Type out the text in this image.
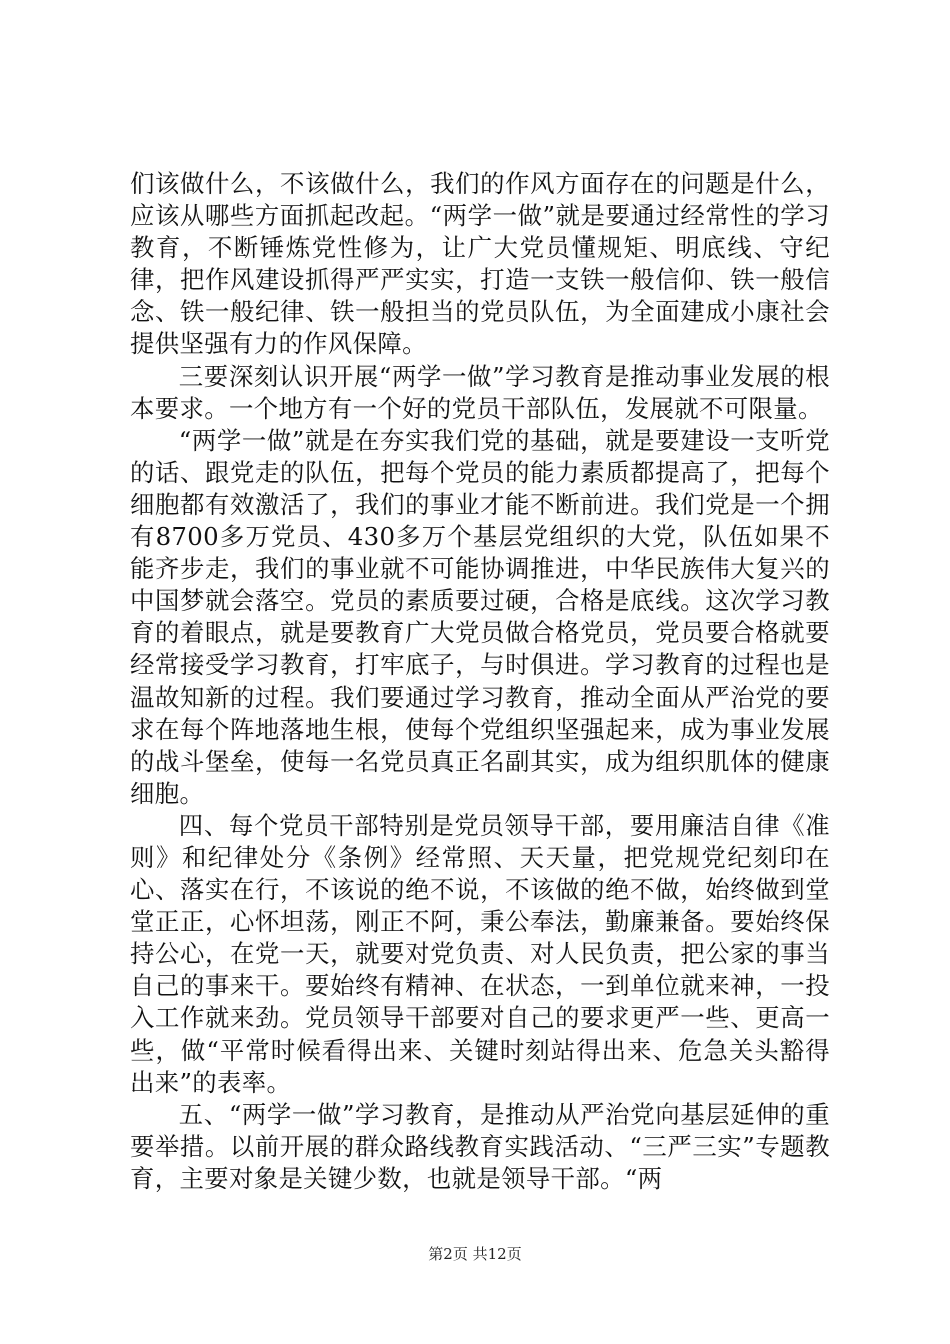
们该做什么，不该做什么，我们的作风方面存在的问题是什么，应该从哪些方面抓起改起。“两学一做”就是要通过经常性的学习教育，不断锤炼党性修为，让广大党员懂规矩、明底线、守纪律，把作风建设抓得严严实实，打造一支铁一般信仰、铁一般信念、铁一般纪律、铁一般担当的党员队伍，为全面建成小康社会提供坚强有力的作风保障。

三要深刻认识开展“两学一做”学习教育是推动事业发展的根本要求。一个地方有一个好的党员干部队伍，发展就不可限量。

“两学一做”就是在夯实我们党的基础，就是要建设一支听党的话、跟党走的队伍，把每个党员的能力素质都提高了，把每个细胞都有效激活了，我们的事业才能不断前进。我们党是一个拥有8700多万党员、430多万个基层党组织的大党，队伍如果不能齐步走，我们的事业就不可能协调推进，中华民族伟大复兴的中国梦就会落空。党员的素质要过硬，合格是底线。这次学习教育的着眼点，就是要教育广大党员做合格党员，党员要合格就要经常接受学习教育，打牢底子，与时俱进。学习教育的过程也是温故知新的过程。我们要通过学习教育，推动全面从严治党的要求在每个阵地落地生根，使每个党组织坚强起来，成为事业发展的战斗堡垒，使每一名党员真正名副其实，成为组织肌体的健康细胞。

四、每个党员干部特别是党员领导干部，要用廉洁自律《准则》和纪律处分《条例》经常照、天天量，把党规党纪刻印在心、落实在行，不该说的绝不说，不该做的绝不做，始终做到堂堂正正，心怀坦荡，刚正不阿，秉公奉法，勤廉兼备。要始终保持公心，在党一天，就要对党负责、对人民负责，把公家的事当自己的事来干。要始终有精神、在状态，一到单位就来神，一投入工作就来劲。党员领导干部要对自己的要求更严一些、更高一些，做“平常时候看得出来、关键时刻站得出来、危急关头豁得出来”的表率。

五、“两学一做”学习教育，是推动从严治党向基层延伸的重要举措。以前开展的群众路线教育实践活动、“三严三实”专题教育，主要对象是关键少数，也就是领导干部。“两

第2页 共12页
